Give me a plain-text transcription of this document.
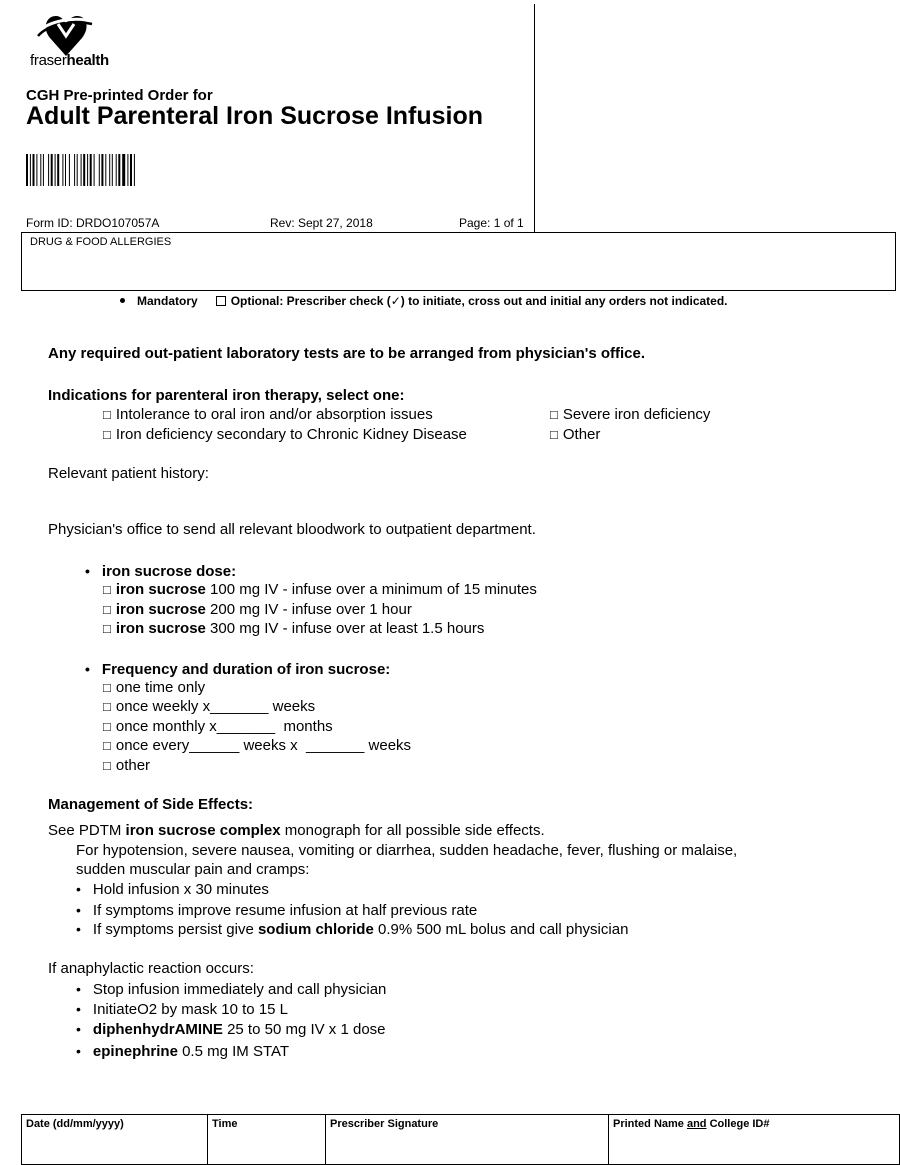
fraserhealth
CGH Pre-printed Order for
Adult Parenteral Iron Sucrose Infusion
Form ID: DRDO107057A	Rev: Sept 27, 2018	Page: 1 of 1
DRUG & FOOD ALLERGIES
Mandatory	Optional: Prescriber check (✓) to initiate, cross out and initial any orders not indicated.
Any required out-patient laboratory tests are to be arranged from physician's office.
Indications for parenteral iron therapy, select one:
□ Intolerance to oral iron and/or absorption issues
□ Iron deficiency secondary to Chronic Kidney Disease
□ Severe iron deficiency
□ Other
Relevant patient history:
Physician's office to send all relevant bloodwork to outpatient department.
• iron sucrose dose:
□ iron sucrose 100 mg IV - infuse over a minimum of 15 minutes
□ iron sucrose 200 mg IV - infuse over 1 hour
□ iron sucrose 300 mg IV - infuse over at least 1.5 hours
• Frequency and duration of iron sucrose:
□ one time only
□ once weekly x_______ weeks
□ once monthly x_______  months
□ once every______ weeks x  _______ weeks
□ other
Management of Side Effects:
See PDTM iron sucrose complex monograph for all possible side effects.
For hypotension, severe nausea, vomiting or diarrhea, sudden headache, fever, flushing or malaise,
sudden muscular pain and cramps:
• Hold infusion x 30 minutes
• If symptoms improve resume infusion at half previous rate
• If symptoms persist give sodium chloride 0.9% 500 mL bolus and call physician
If anaphylactic reaction occurs:
• Stop infusion immediately and call physician
• InitiateO2 by mask 10 to 15 L
• diphenhydrAMINE 25 to 50 mg IV x 1 dose
• epinephrine 0.5 mg IM STAT
Date (dd/mm/yyyy)	Time	Prescriber Signature	Printed Name and College ID#
